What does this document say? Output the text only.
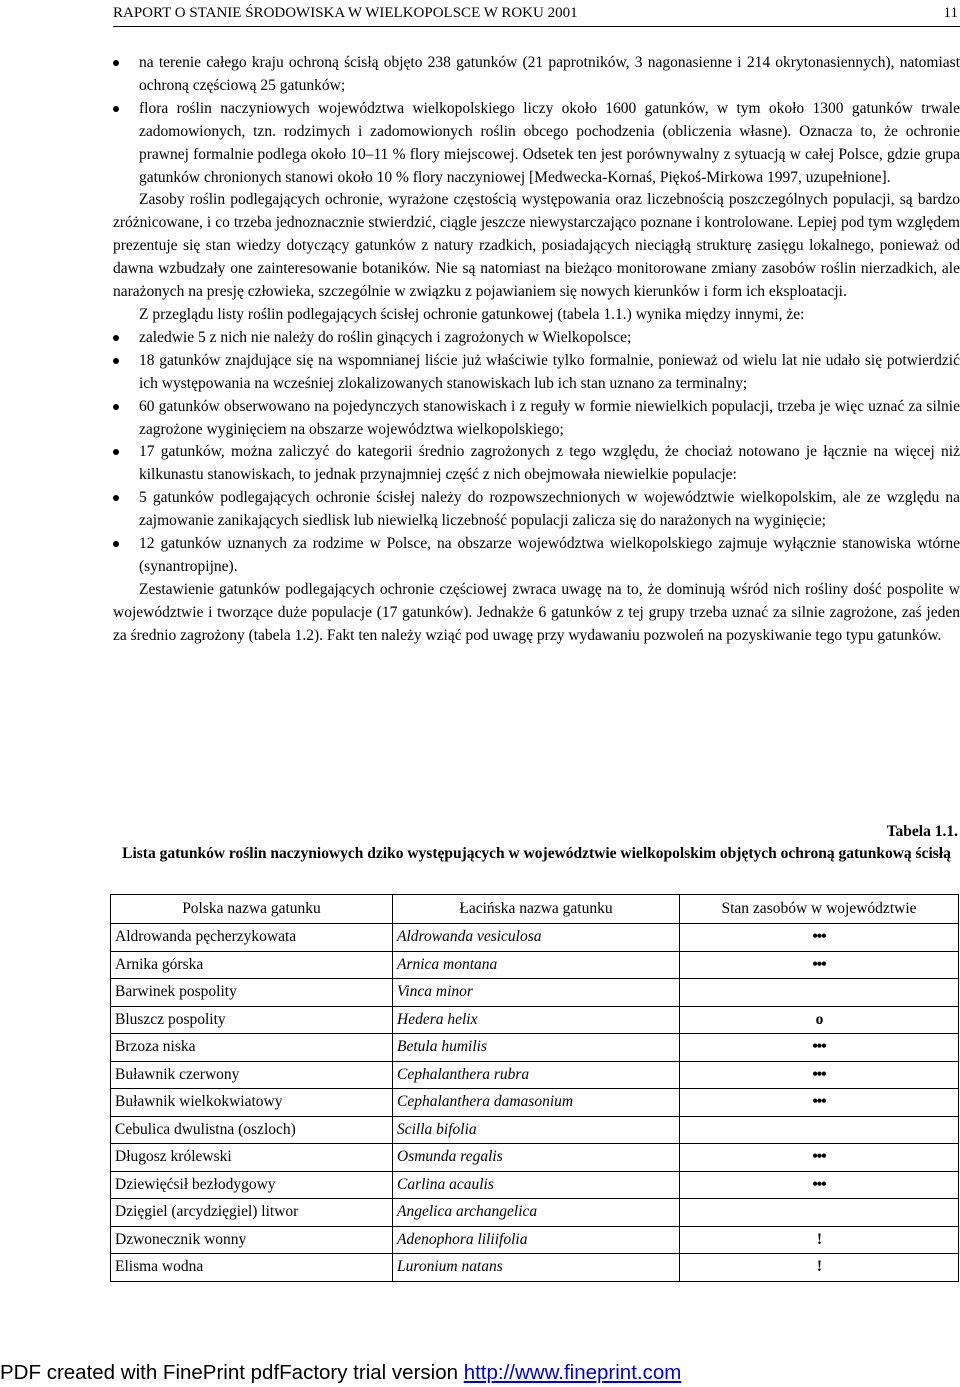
RAPORT O STANIE ŚRODOWISKA W WIELKOPOLSCE W ROKU 2001	11

na terenie całego kraju ochroną ścisłą objęto 238 gatunków (21 paprotników, 3 nagonasienne i 214 okrytonasiennych), natomiast ochroną częściową 25 gatunków;

flora roślin naczyniowych województwa wielkopolskiego liczy około 1600 gatunków, w tym około 1300 gatunków trwale zadomowionych, tzn. rodzimych i zadomowionych roślin obcego pochodzenia (obliczenia własne). Oznacza to, że ochronie prawnej formalnie podlega około 10–11 % flory miejscowej. Odsetek ten jest porównywalny z sytuacją w całej Polsce, gdzie grupa gatunków chronionych stanowi około 10 % flory naczyniowej [Medwecka-Kornaś, Piękoś-Mirkowa 1997, uzupełnione].

Zasoby roślin podlegających ochronie, wyrażone częstością występowania oraz liczebnością poszczególnych populacji, są bardzo zróżnicowane, i co trzeba jednoznacznie stwierdzić, ciągle jeszcze niewystarczająco poznane i kontrolowane. Lepiej pod tym względem prezentuje się stan wiedzy dotyczący gatunków z natury rzadkich, posiadających nieciągłą strukturę zasięgu lokalnego, ponieważ od dawna wzbudzały one zainteresowanie botaników. Nie są natomiast na bieżąco monitorowane zmiany zasobów roślin nierzadkich, ale narażonych na presję człowieka, szczególnie w związku z pojawianiem się nowych kierunków i form ich eksploatacji.

Z przeglądu listy roślin podlegających ścisłej ochronie gatunkowej (tabela 1.1.) wynika między innymi, że:

zaledwie 5 z nich nie należy do roślin ginących i zagrożonych w Wielkopolsce;

18 gatunków znajdujące się na wspomnianej liście już właściwie tylko formalnie, ponieważ od wielu lat nie udało się potwierdzić ich występowania na wcześniej zlokalizowanych stanowiskach lub ich stan uznano za terminalny;

60 gatunków obserwowano na pojedynczych stanowiskach i z reguły w formie niewielkich populacji, trzeba je więc uznać za silnie zagrożone wyginięciem na obszarze województwa wielkopolskiego;

17 gatunków, można zaliczyć do kategorii średnio zagrożonych z tego względu, że chociaż notowano je łącznie na więcej niż kilkunastu stanowiskach, to jednak przynajmniej część z nich obejmowała niewielkie populacje:

5 gatunków podlegających ochronie ścisłej należy do rozpowszechnionych w województwie wielkopolskim, ale ze względu na zajmowanie zanikających siedlisk lub niewielką liczebność populacji zalicza się do narażonych na wyginięcie;

12 gatunków uznanych za rodzime w Polsce, na obszarze województwa wielkopolskiego zajmuje wyłącznie stanowiska wtórne (synantropijne).

Zestawienie gatunków podlegających ochronie częściowej zwraca uwagę na to, że dominują wśród nich rośliny dość pospolite w województwie i tworzące duże populacje (17 gatunków). Jednakże 6 gatunków z tej grupy trzeba uznać za silnie zagrożone, zaś jeden za średnio zagrożony (tabela 1.2). Fakt ten należy wziąć pod uwagę przy wydawaniu pozwoleń na pozyskiwanie tego typu gatunków.

Tabela 1.1.
Lista gatunków roślin naczyniowych dziko występujących w województwie wielkopolskim objętych ochroną gatunkową ścisłą
Polska nazwa gatunku	Łacińska nazwa gatunku	Stan zasobów w województwie
Aldrowanda pęcherzykowata	Aldrowanda vesiculosa	•••
Arnika górska	Arnica montana	•••
Barwinek pospolity	Vinca minor	
Bluszcz pospolity	Hedera helix	o
Brzoza niska	Betula humilis	•••
Buławnik czerwony	Cephalanthera rubra	•••
Buławnik wielkokwiatowy	Cephalanthera damasonium	•••
Cebulica dwulistna (oszloch)	Scilla bifolia	
Długosz królewski	Osmunda regalis	•••
Dziewięćsił bezłodygowy	Carlina acaulis	•••
Dzięgiel (arcydzięgiel) litwor	Angelica archangelica	
Dzwonecznik wonny	Adenophora liliifolia	!
Elisma wodna	Luronium natans	!
PDF created with FinePrint pdfFactory trial version http://www.fineprint.com
